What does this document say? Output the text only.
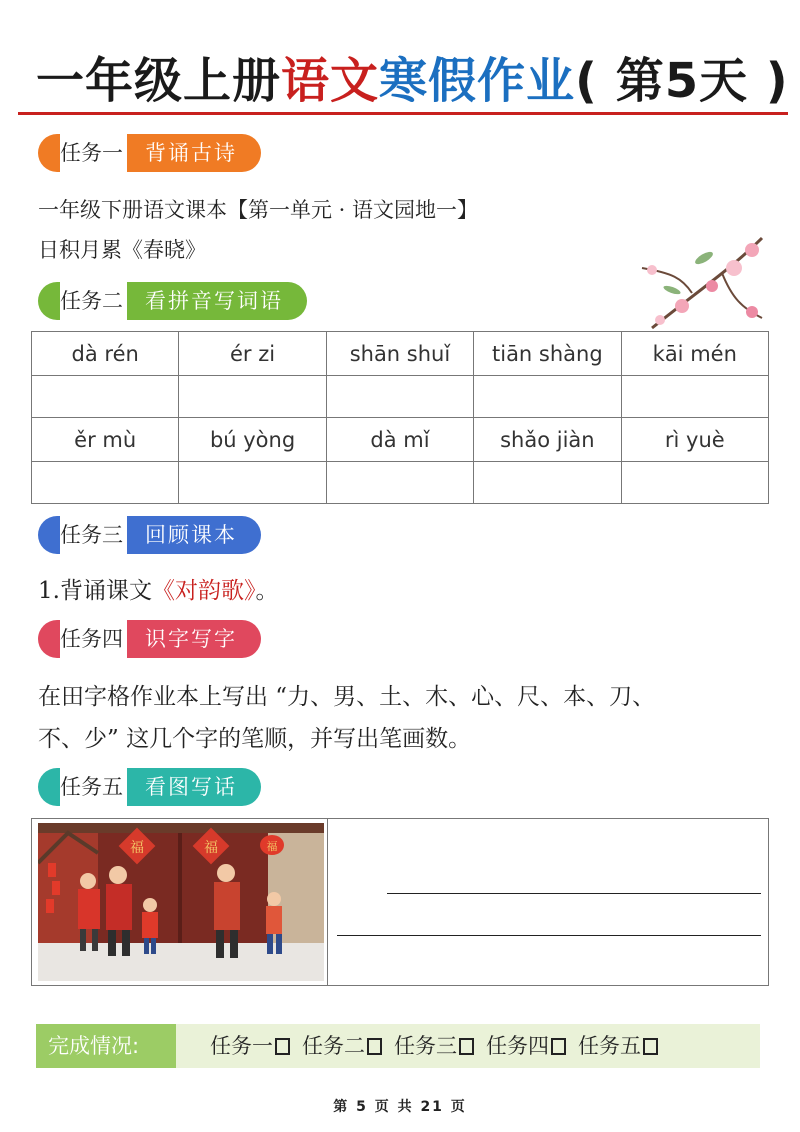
一年级上册语文寒假作业( 第5天 )
任务一	背诵古诗
一年级下册语文课本【第一单元 · 语文园地一】
日积月累《春晓》
任务二	看拼音写词语
dà rén	ér zi	shān shuǐ	tiān shàng	kāi mén

ěr mù	bú yòng	dà mǐ	shǎo jiàn	rì yuè

任务三	回顾课本
1.背诵课文《对韵歌》。
任务四	识字写字
在田字格作业本上写出 “力、男、土、木、心、尺、本、刀、
不、少” 这几个字的笔顺，并写出笔画数。
任务五	看图写话
福	福	福
完成情况:	任务一 任务二 任务三 任务四 任务五
第 5 页 共 21 页
